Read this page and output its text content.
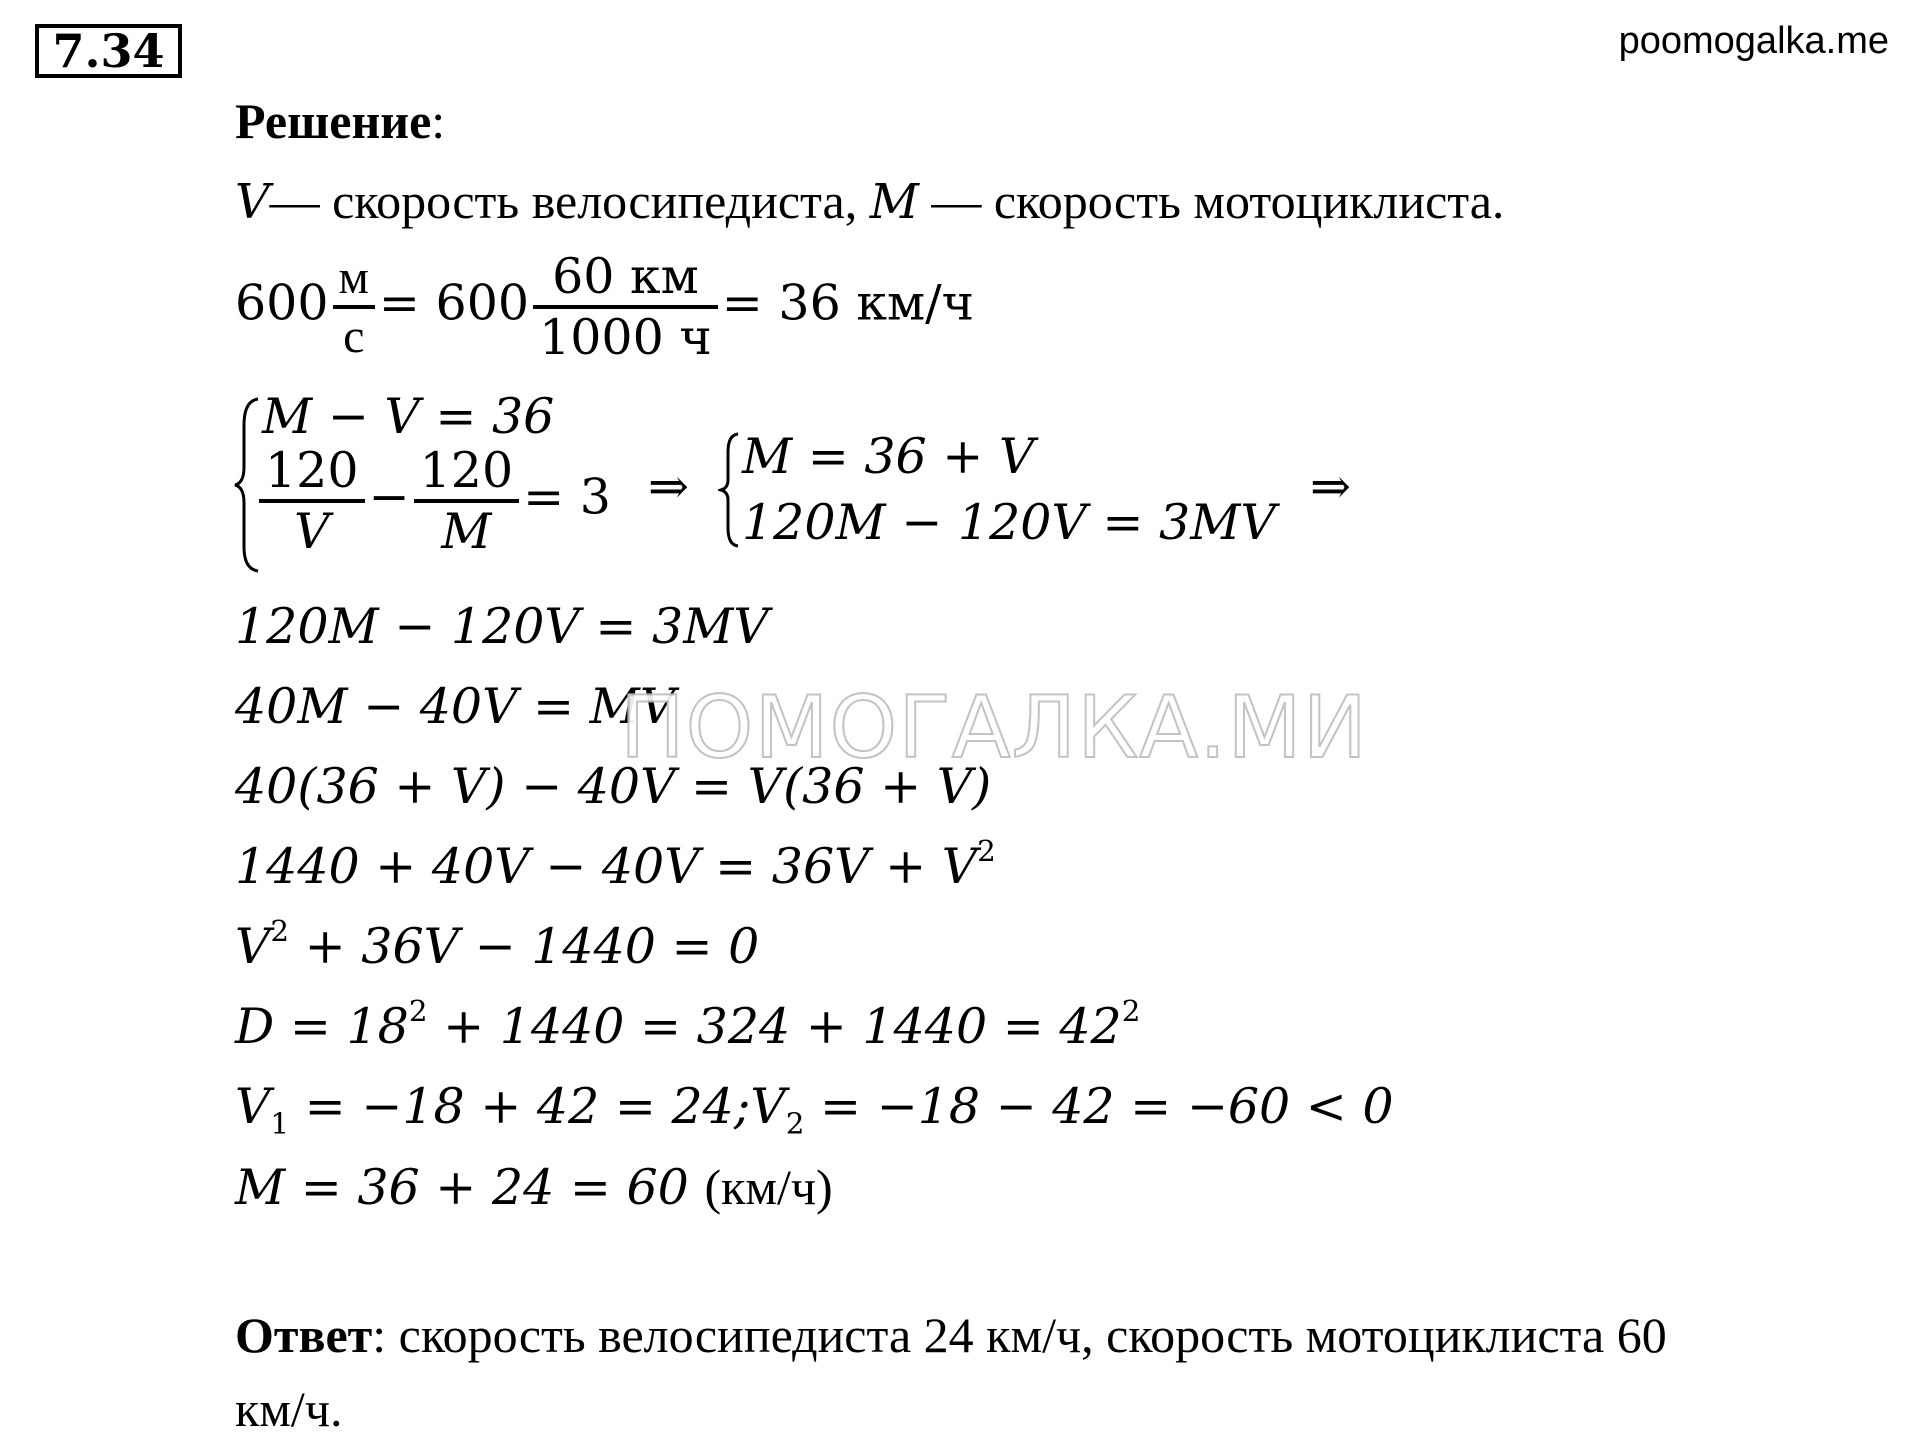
7.34	poomogalka.me
Решение:
V— скорость велосипедиста, M — скорость мотоциклиста.
$600 \frac{м}{с} = 600 \frac{60 км}{1000 ч} = 36$ км/ч
M − V = 36
$\frac{120}{V} - \frac{120}{M} = 3$ ⇒
M = 36 + V
120M − 120V = 3MV
⇒
120M − 120V = 3MV
40M − 40V = MV
40(36 + V) − 40V = V(36 + V)
$1440 + 40V - 40V = 36V + V^2$
$V^2 + 36V - 1440 = 0$
$D = 18^2 + 1440 = 324 + 1440 = 42^2$
$V_1 = -18 + 42$ = $24;V_2 = -18 - 42 = -60 < 0$
M = 36 + 24 = 60 (км/ч)
Ответ: скорость велосипедиста 24 км/ч, скорость мотоциклиста 60
км/ч.
ПОМОГАЛКА.МИ
